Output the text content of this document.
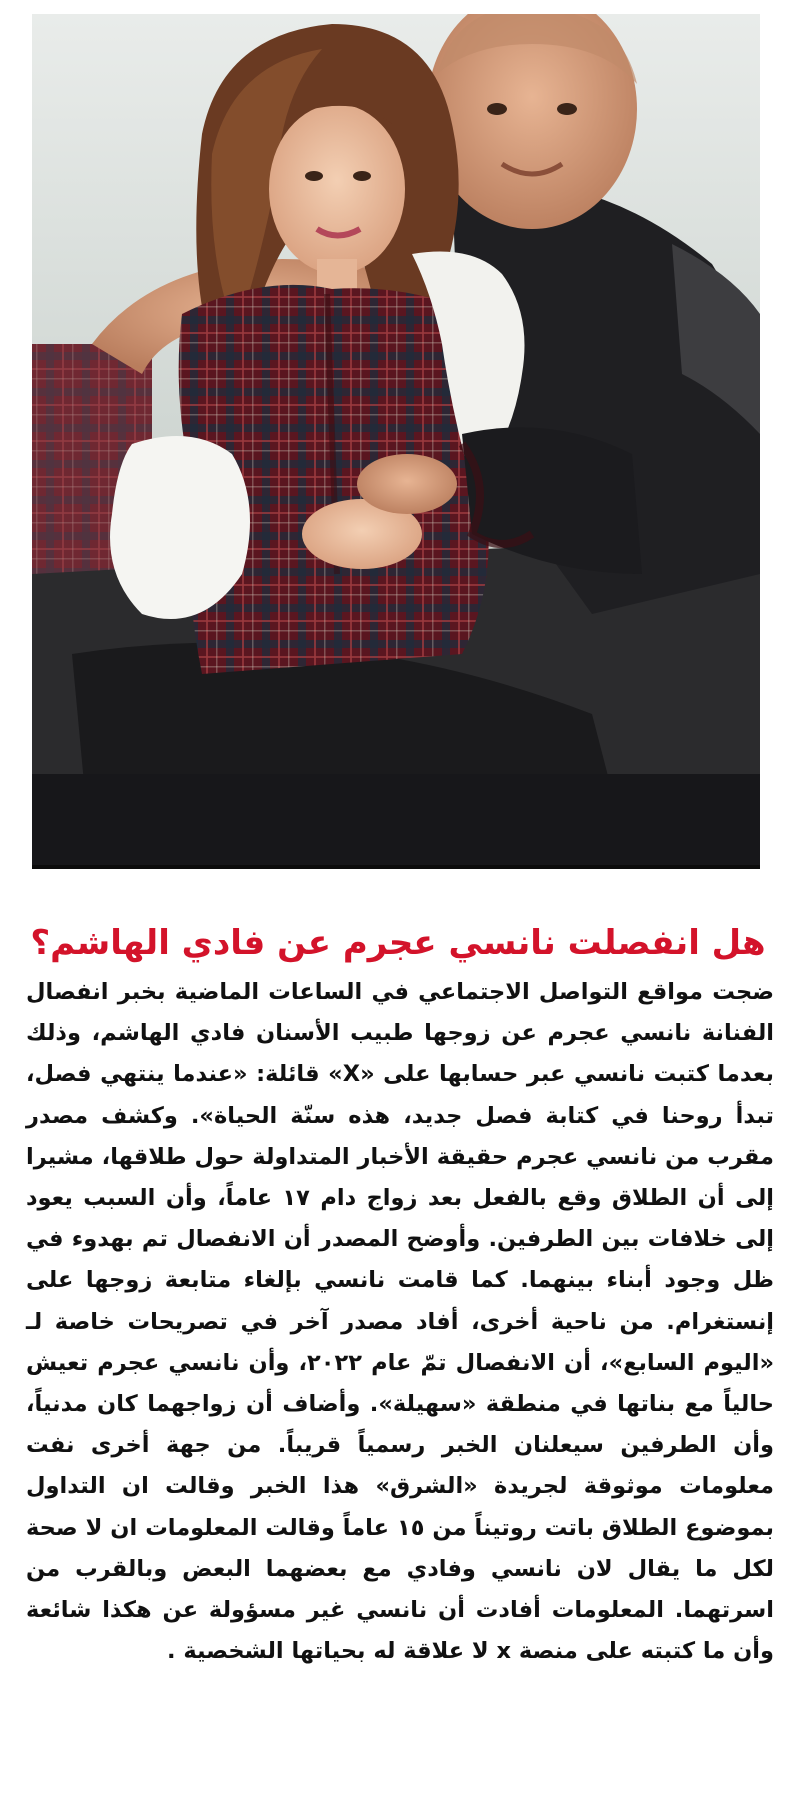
هل انفصلت نانسي عجرم عن فادي الهاشم؟

ضجت مواقع التواصل الاجتماعي في الساعات الماضية بخبر انفصال الفنانة نانسي عجرم عن زوجها طبيب الأسنان فادي الهاشم، وذلك بعدما كتبت نانسي عبر حسابها على «X» قائلة: «عندما ينتهي فصل، تبدأ روحنا في كتابة فصل جديد، هذه سنّة الحياة». وكشف مصدر مقرب من نانسي عجرم حقيقة الأخبار المتداولة حول طلاقها، مشيرا إلى أن الطلاق وقع بالفعل بعد زواج دام ١٧ عاماً، وأن السبب يعود إلى خلافات بين الطرفين. وأوضح المصدر أن الانفصال تم بهدوء في ظل وجود أبناء بينهما. كما قامت نانسي بإلغاء متابعة زوجها على إنستغرام. من ناحية أخرى، أفاد مصدر آخر في تصريحات خاصة لـ «اليوم السابع»، أن الانفصال تمّ عام ٢٠٢٢، وأن نانسي عجرم تعيش حالياً مع بناتها في منطقة «سهيلة». وأضاف أن زواجهما كان مدنياً، وأن الطرفين سيعلنان الخبر رسمياً قريباً. من جهة أخرى نفت معلومات موثوقة لجريدة «الشرق» هذا الخبر وقالت ان التداول بموضوع الطلاق باتت روتيناً من ١٥ عاماً وقالت المعلومات ان لا صحة لكل ما يقال لان نانسي وفادي مع بعضهما البعض وبالقرب من اسرتهما. المعلومات أفادت أن نانسي غير مسؤولة عن هكذا شائعة وأن ما كتبته على منصة x لا علاقة له بحياتها الشخصية .
